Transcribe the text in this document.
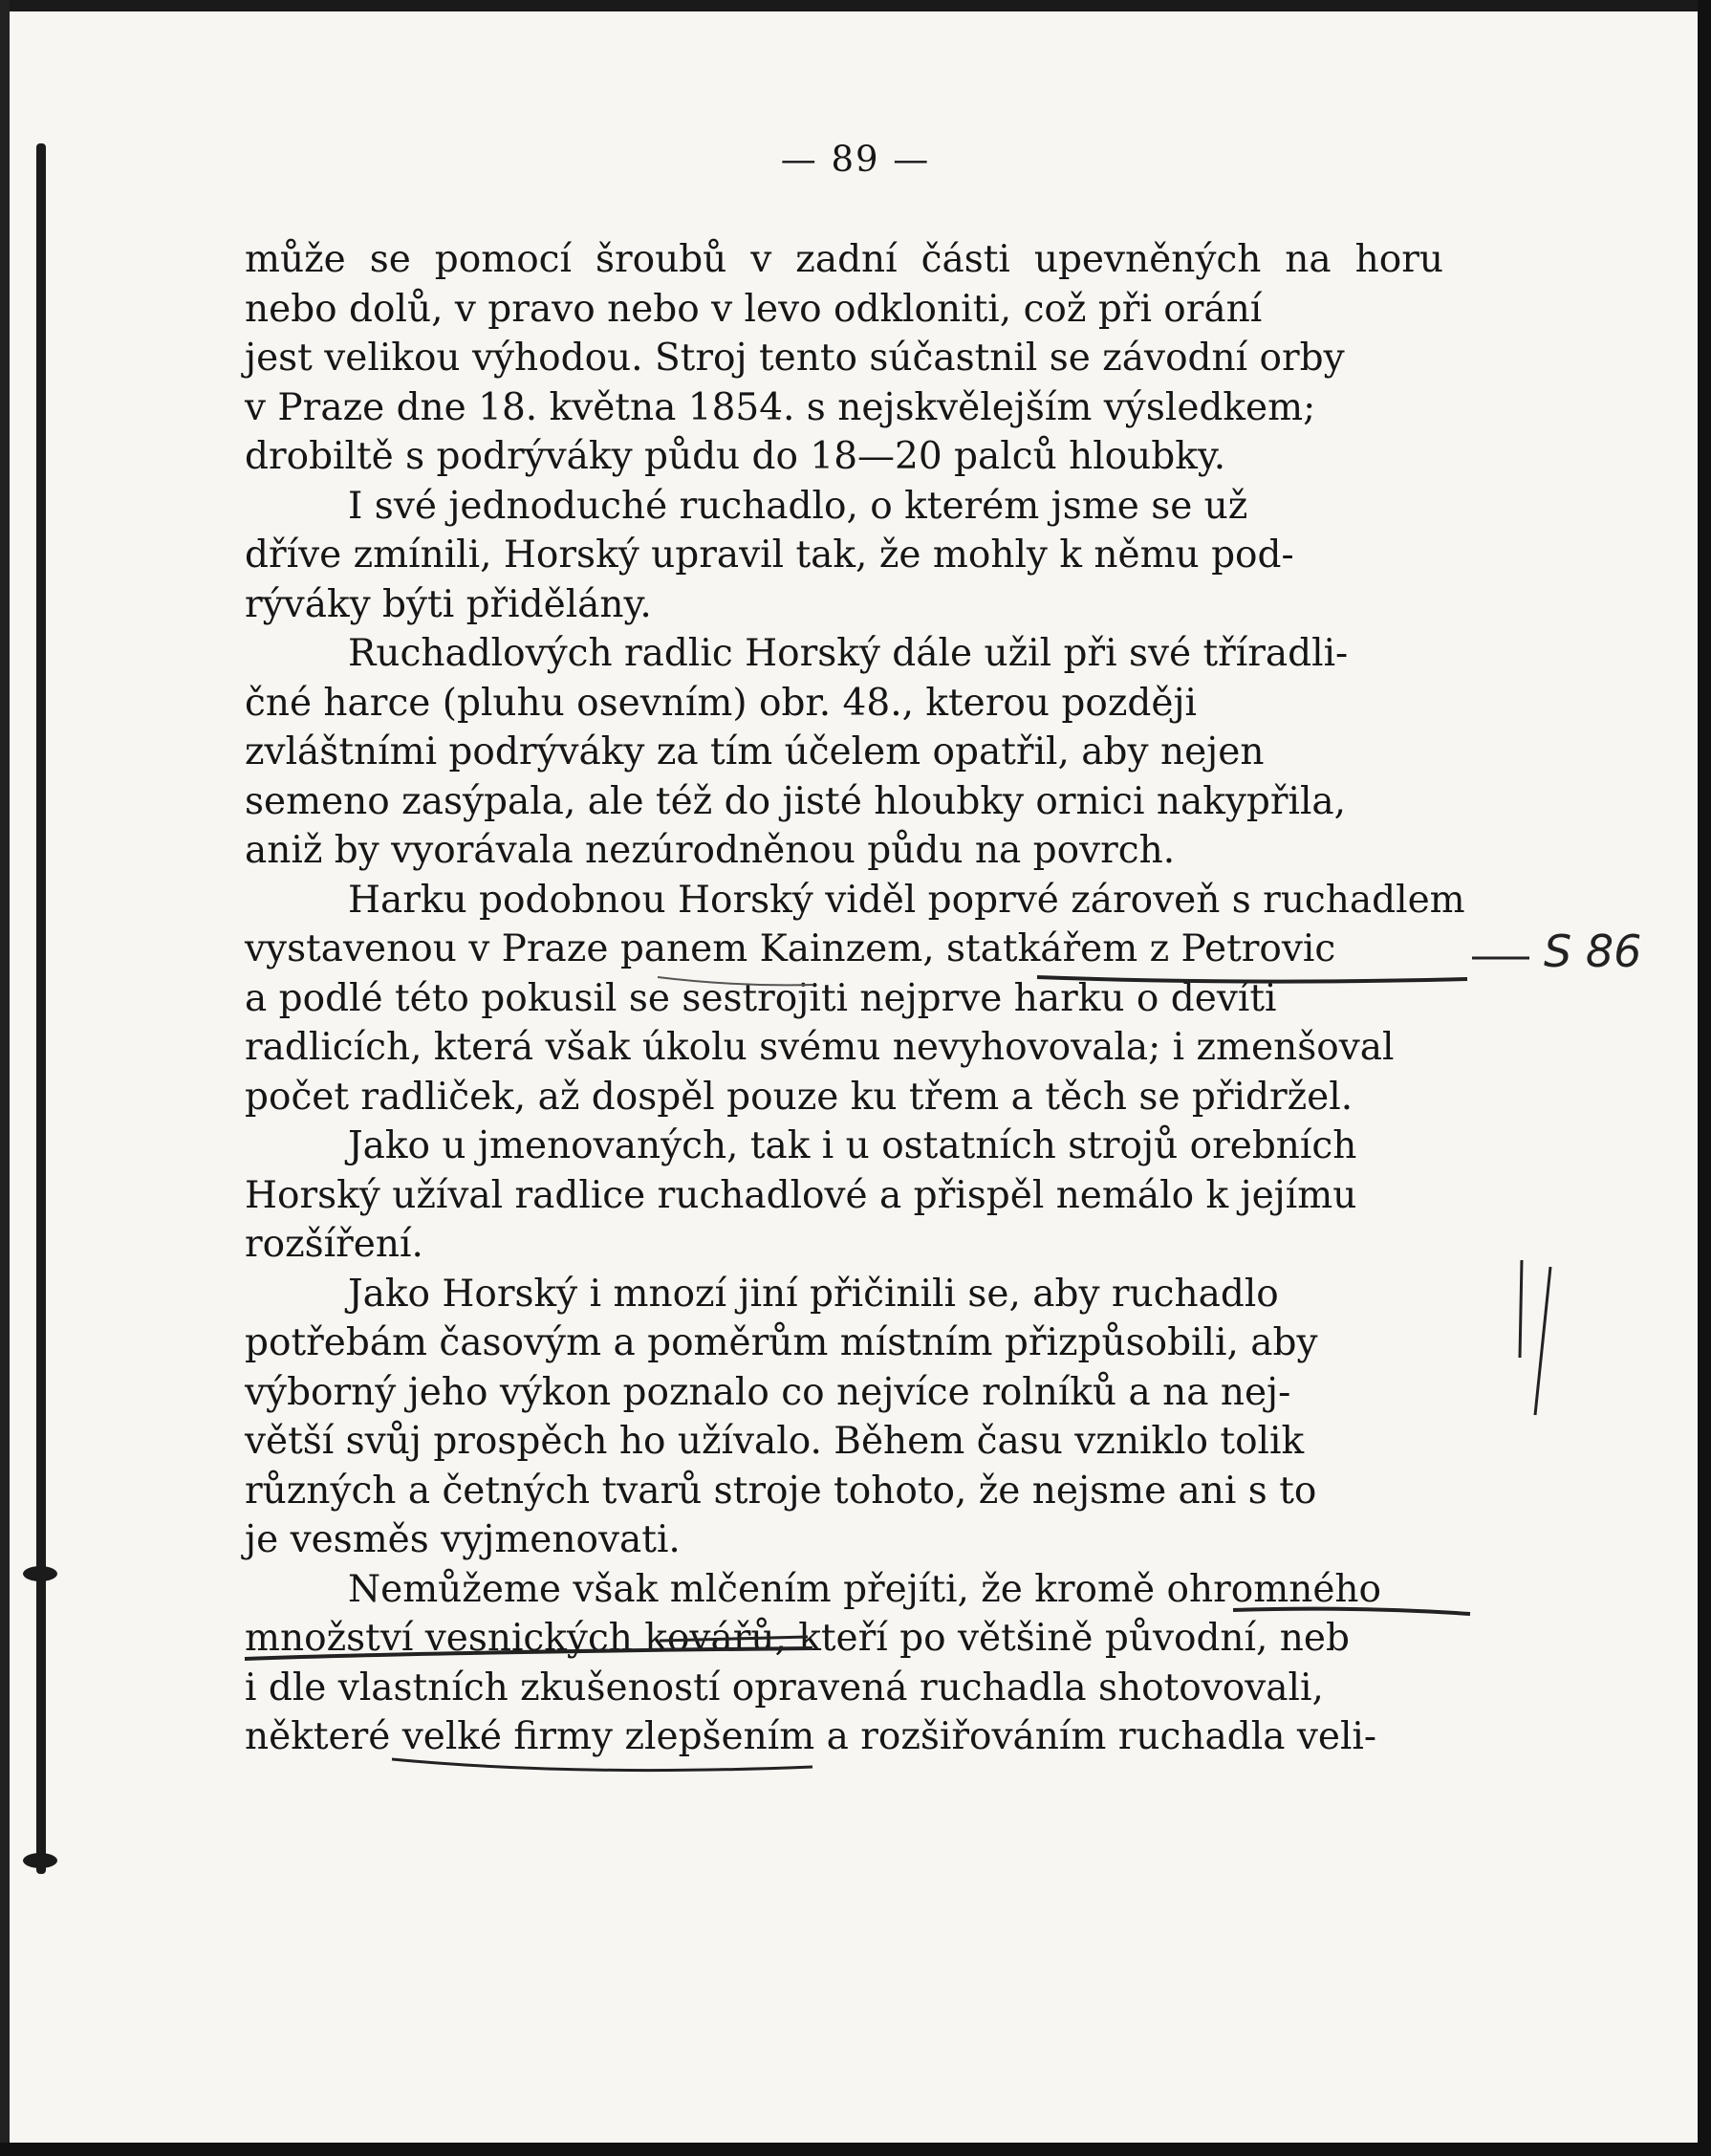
— 89 —
může se pomocí šroubů v zadní části upevněných na horu
nebo dolů, v pravo nebo v levo odkloniti, což při orání
jest velikou výhodou. Stroj tento súčastnil se závodní orby
v Praze dne 18. května 1854. s nejskvělejším výsledkem;
drobiltě s podrýváky půdu do 18—20 palců hloubky.
I své jednoduché ruchadlo, o kterém jsme se už
dříve zmínili, Horský upravil tak, že mohly k němu pod-
rýváky býti přidělány.
Ruchadlových radlic Horský dále užil při své tříradli-
čné harce (pluhu osevním) obr. 48., kterou později
zvláštními podrýváky za tím účelem opatřil, aby nejen
semeno zasýpala, ale též do jisté hloubky ornici nakypřila,
aniž by vyorávala nezúrodněnou půdu na povrch.
Harku podobnou Horský viděl poprvé zároveň s ruchadlem
vystavenou v Praze panem Kainzem, statkářem z Petrovic
a podlé této pokusil se sestrojiti nejprve harku o devíti
radlicích, která však úkolu svému nevyhovovala; i zmenšoval
počet radliček, až dospěl pouze ku třem a těch se přidržel.
Jako u jmenovaných, tak i u ostatních strojů orebních
Horský užíval radlice ruchadlové a přispěl nemálo k jejímu
rozšíření.
Jako Horský i mnozí jiní přičinili se, aby ruchadlo
potřebám časovým a poměrům místním přizpůsobili, aby
výborný jeho výkon poznalo co nejvíce rolníků a na nej-
větší svůj prospěch ho užívalo. Během času vzniklo tolik
různých a četných tvarů stroje tohoto, že nejsme ani s to
je vesměs vyjmenovati.
Nemůžeme však mlčením přejíti, že kromě ohromného
množství vesnických kovářů, kteří po většině původní, neb
i dle vlastních zkušeností opravená ruchadla shotovovali,
některé velké firmy zlepšením a rozšiřováním ruchadla veli-
S 86
